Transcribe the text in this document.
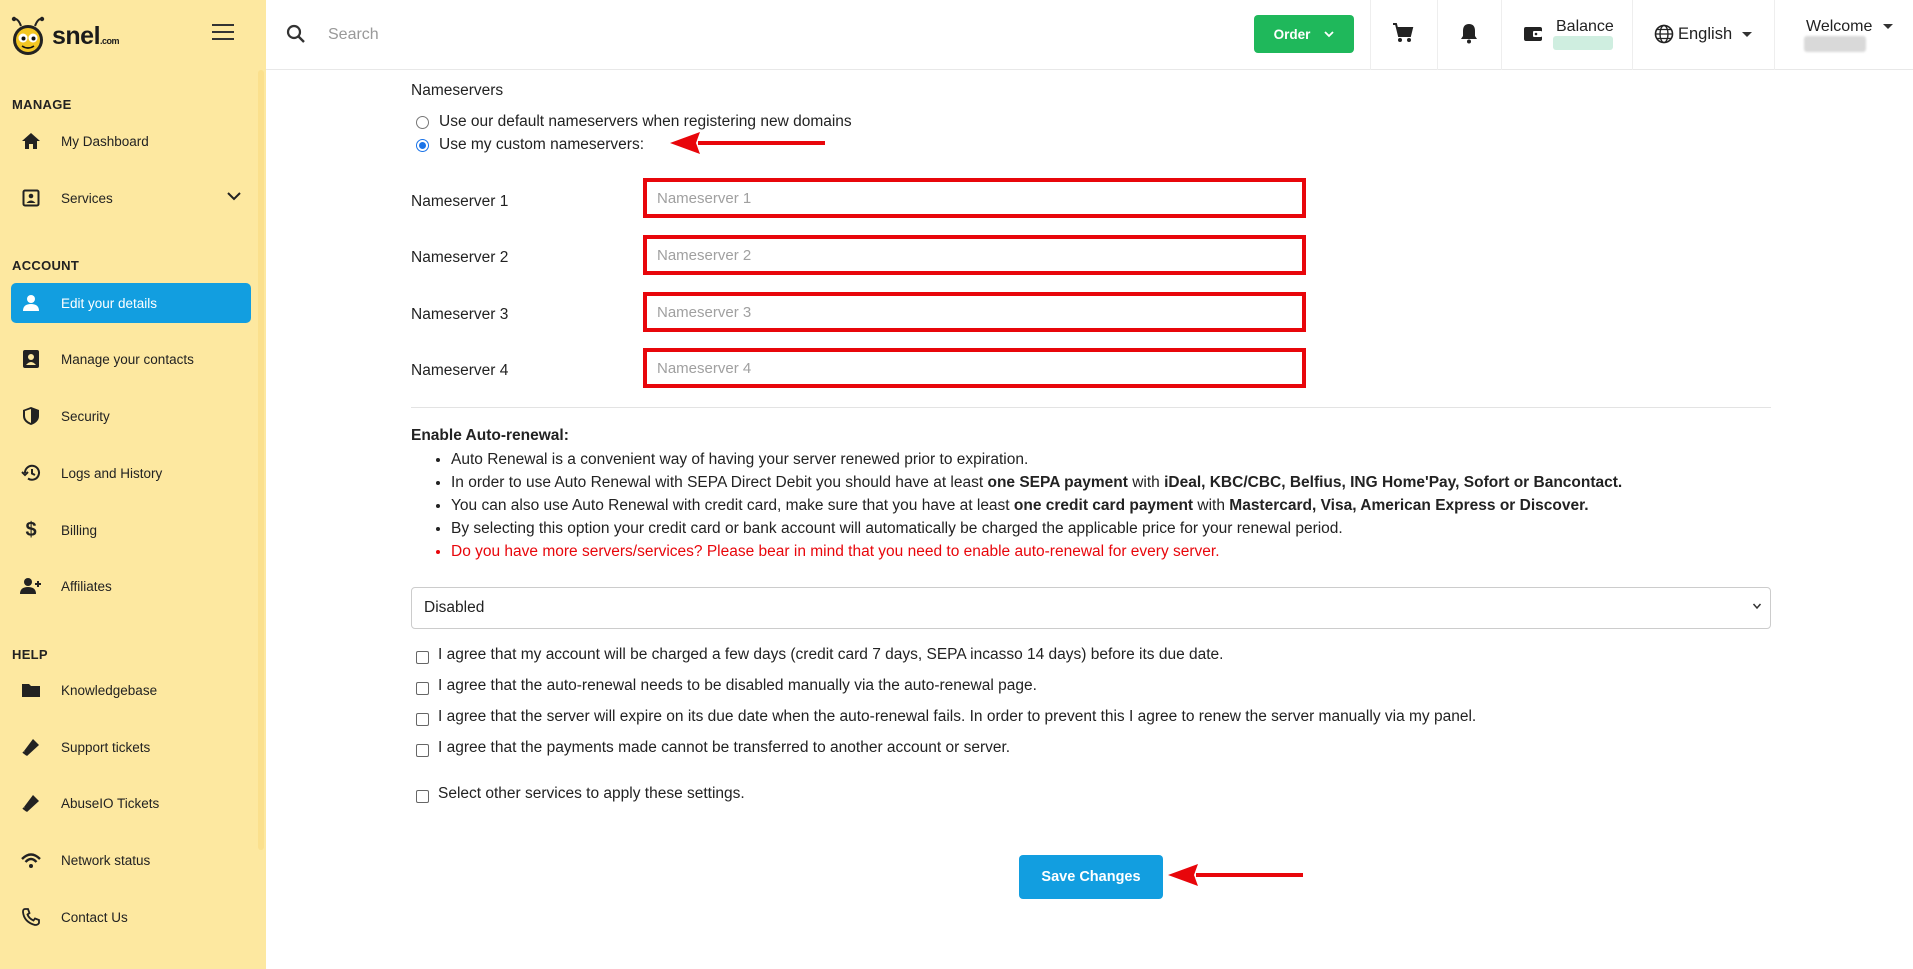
snel.com
MANAGE
My Dashboard
Services
ACCOUNT
Edit your details
Manage your contacts
Security
Logs and History
$	Billing
Affiliates
HELP
Knowledgebase
Support tickets
AbuseIO Tickets
Network status
Contact Us
Search
Order	Balance	English	Welcome
Nameservers
Use our default nameservers when registering new domains
Use my custom nameservers:
Nameserver 1
Nameserver 1
Nameserver 2
Nameserver 2
Nameserver 3
Nameserver 3
Nameserver 4
Nameserver 4
Enable Auto-renewal:
• Auto Renewal is a convenient way of having your server renewed prior to expiration.
• In order to use Auto Renewal with SEPA Direct Debit you should have at least one SEPA payment with iDeal, KBC/CBC, Belfius, ING Home'Pay, Sofort or Bancontact.
• You can also use Auto Renewal with credit card, make sure that you have at least one credit card payment with Mastercard, Visa, American Express or Discover.
• By selecting this option your credit card or bank account will automatically be charged the applicable price for your renewal period.
• Do you have more servers/services? Please bear in mind that you need to enable auto-renewal for every server.
Disabled
I agree that my account will be charged a few days (credit card 7 days, SEPA incasso 14 days) before its due date.
I agree that the auto-renewal needs to be disabled manually via the auto-renewal page.
I agree that the server will expire on its due date when the auto-renewal fails. In order to prevent this I agree to renew the server manually via my panel.
I agree that the payments made cannot be transferred to another account or server.
Select other services to apply these settings.
Save Changes
